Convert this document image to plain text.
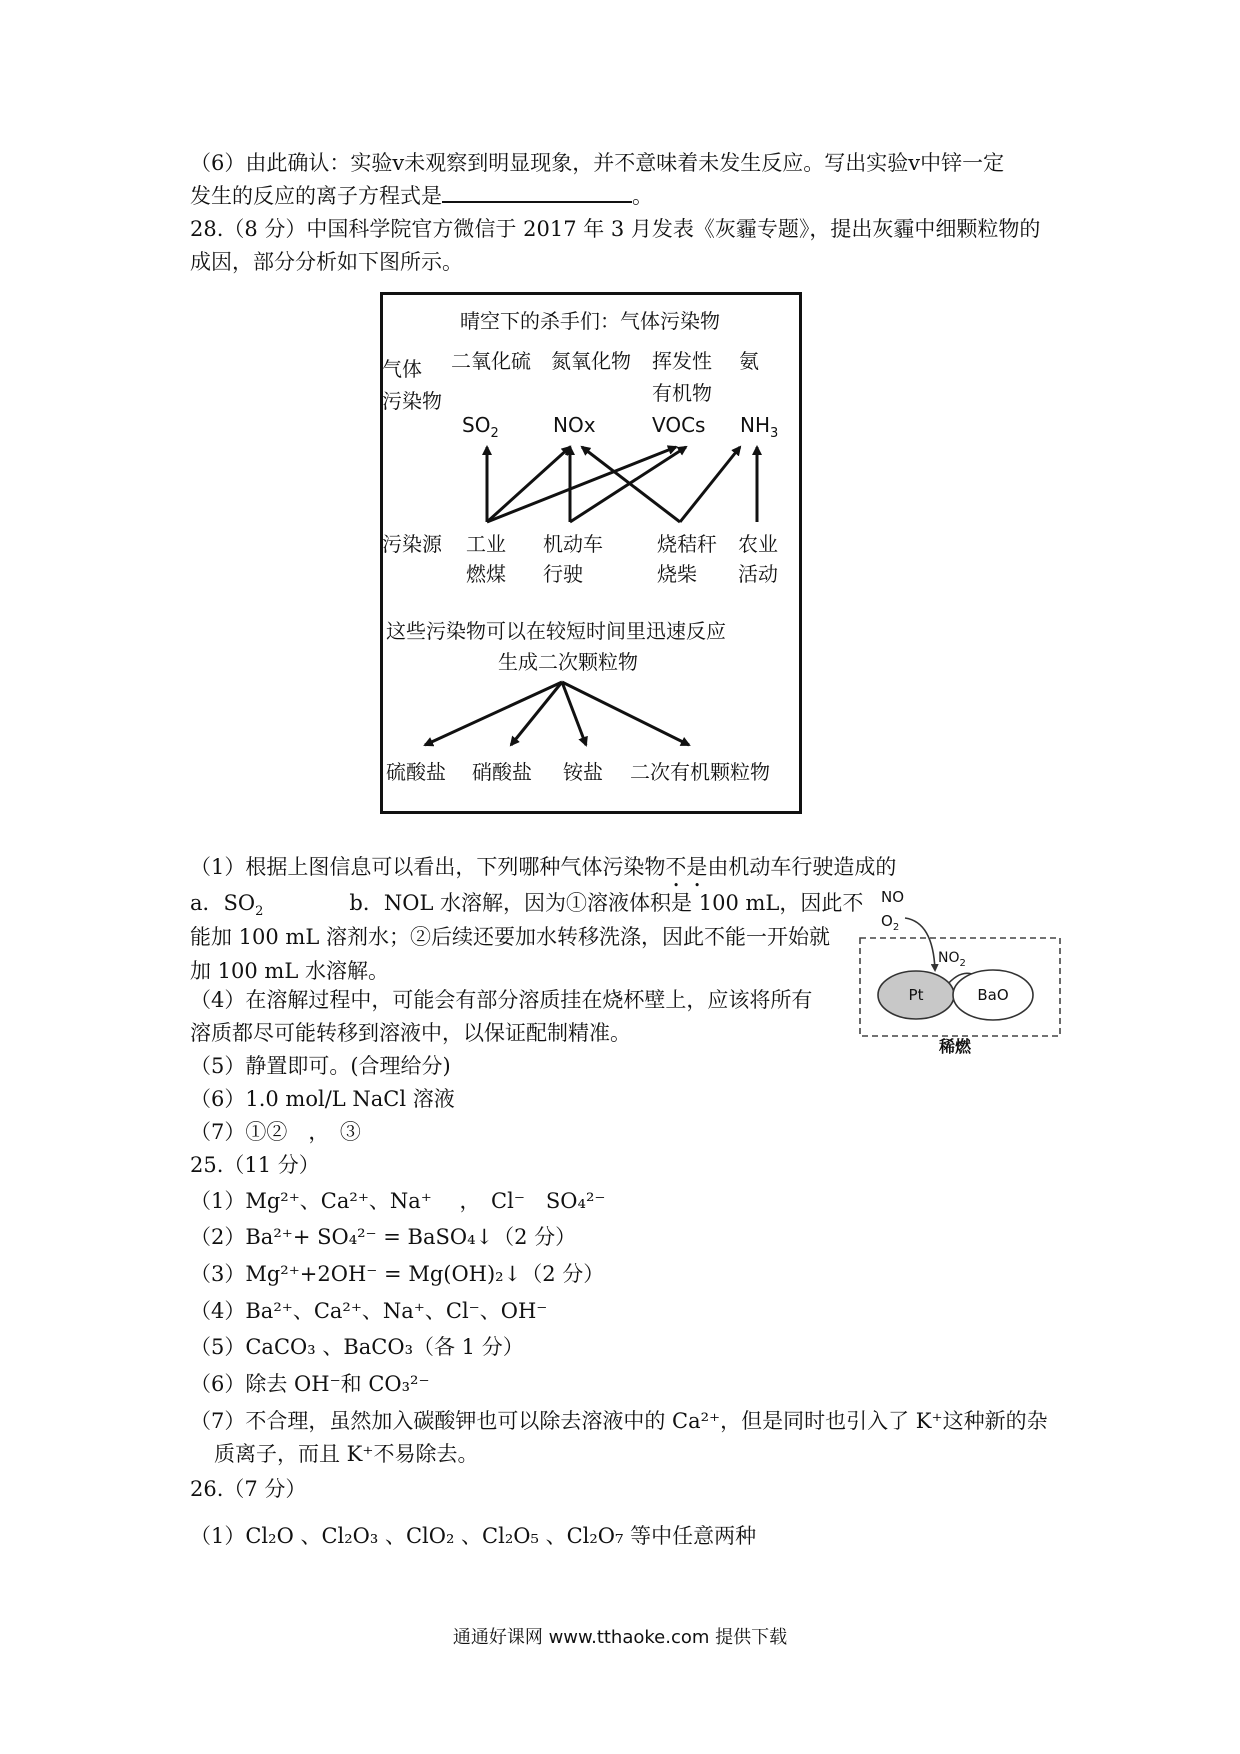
（6）由此确认：实验ⅴ未观察到明显现象，并不意味着未发生反应。写出实验ⅴ中锌一定
发生的反应的离子方程式是	。
28.（8 分）中国科学院官方微信于 2017 年 3 月发表《灰霾专题》，提出灰霾中细颗粒物的
成因，部分分析如下图所示。
晴空下的杀手们：气体污染物
气体
污染物
二氧化硫 氮氧化物 挥发性
有机物
氨
$SO_2$	NOx	VOCs $NH_3$
污染源 工业
燃煤
机动车
行驶
烧秸秆
烧柴
农业
活动
这些污染物可以在较短时间里迅速反应
生成二次颗粒物
硫酸盐 硝酸盐 铵盐 二次有机颗粒物
（1）根据上图信息可以看出，下列哪种气体污染物不是由机动车行驶造成的
a．$SO_2$	b．NOL 水溶解，因为①溶液体积是 100 mL，因此不
能加 100 mL 溶剂水；②后续还要加水转移洗涤，因此不能一开始就
加 100 mL 水溶解。
（4）在溶解过程中，可能会有部分溶质挂在烧杯壁上，应该将所有
溶质都尽可能转移到溶液中，以保证配制精准。
（5）静置即可。(合理给分)
（6）1.0 mol/L NaCl 溶液
（7）①②　，　③
NO
$O_2$
$NO_2$
Pt	BaO
稀燃
25.（11 分）
（1）Mg²⁺、Ca²⁺、Na⁺　 ，　Cl⁻　SO₄²⁻
（2）Ba²⁺+ SO₄²⁻ = BaSO₄↓（2 分）
（3）Mg²⁺+2OH⁻ = Mg(OH)₂↓（2 分）
（4）Ba²⁺、Ca²⁺、Na⁺、Cl⁻、OH⁻
（5）CaCO₃ 、BaCO₃（各 1 分）
（6）除去 OH⁻和 CO₃²⁻
（7）不合理，虽然加入碳酸钾也可以除去溶液中的 Ca²⁺，但是同时也引入了 K⁺这种新的杂
质离子，而且 K⁺不易除去。
26.（7 分）
（1）Cl₂O 、Cl₂O₃ 、ClO₂ 、Cl₂O₅ 、Cl₂O₇ 等中任意两种
通通好课网 www.tthaoke.com 提供下载
